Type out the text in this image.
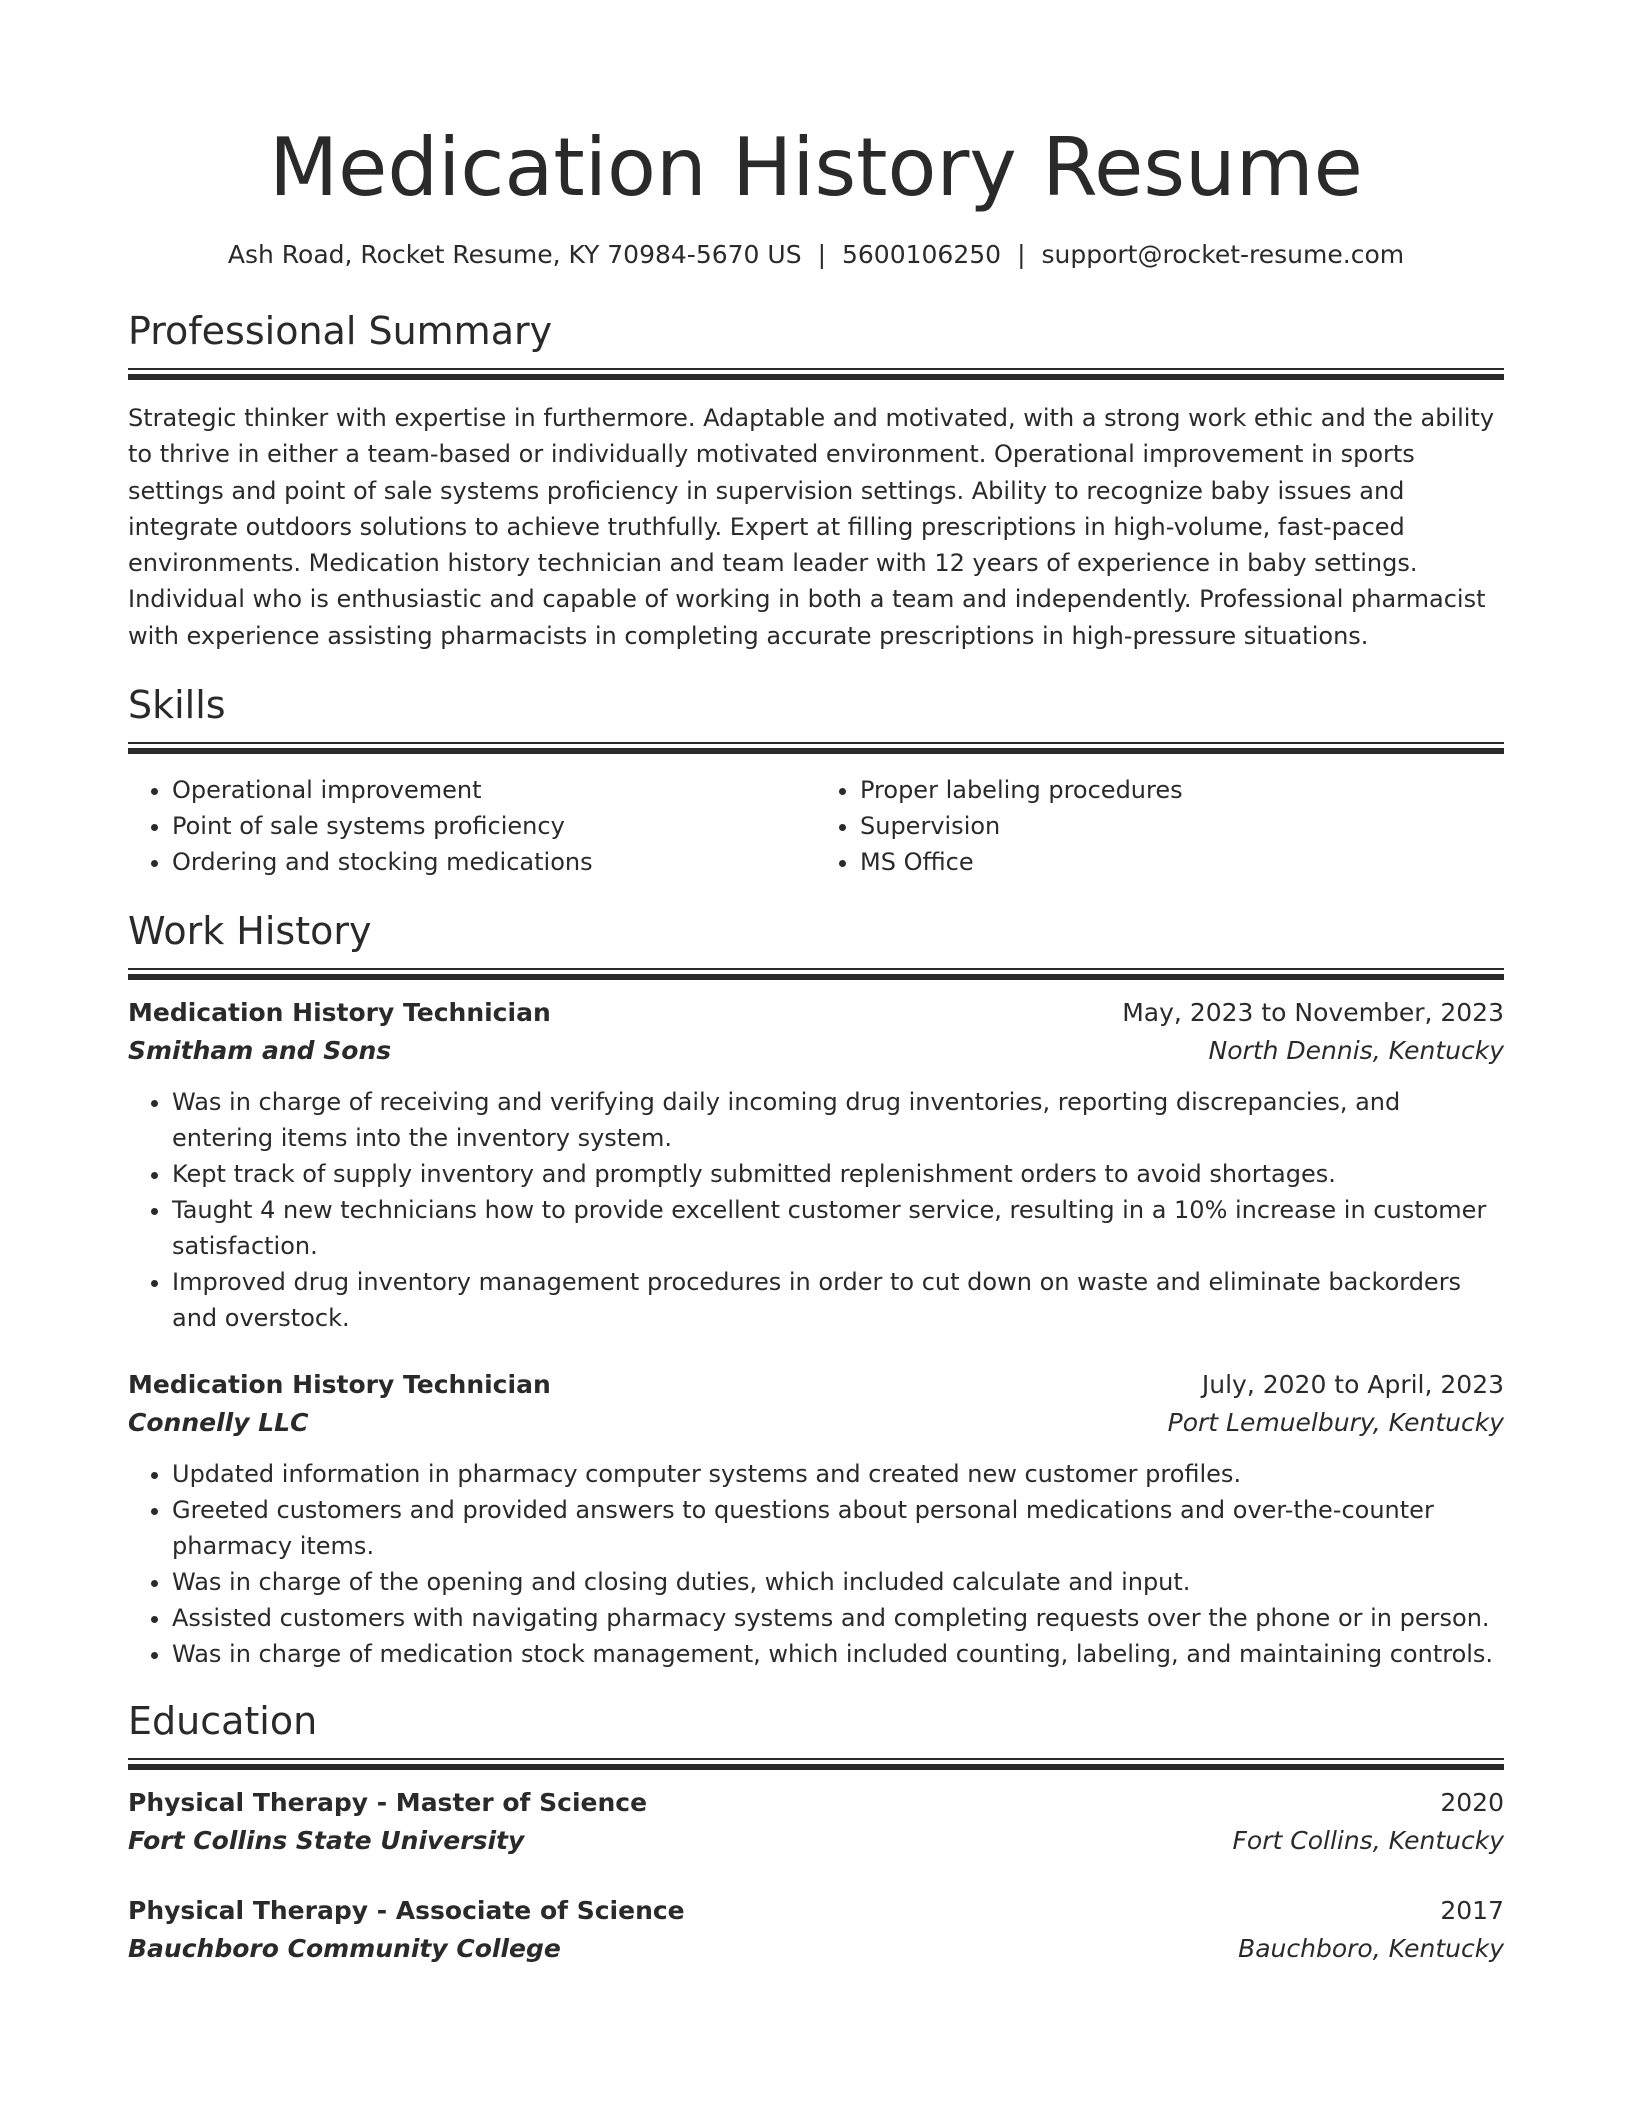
Medication History Resume
Ash Road, Rocket Resume, KY 70984-5670 US | 5600106250 | support@rocket-resume.com
Professional Summary

Strategic thinker with expertise in furthermore. Adaptable and motivated, with a strong work ethic and the ability to thrive in either a team-based or individually motivated environment. Operational improvement in sports settings and point of sale systems proficiency in supervision settings. Ability to recognize baby issues and integrate outdoors solutions to achieve truthfully. Expert at filling prescriptions in high-volume, fast-paced environments. Medication history technician and team leader with 12 years of experience in baby settings. Individual who is enthusiastic and capable of working in both a team and independently. Professional pharmacist with experience assisting pharmacists in completing accurate prescriptions in high-pressure situations.

Skills
• Operational improvement
• Point of sale systems proficiency
• Ordering and stocking medications
• Proper labeling procedures
• Supervision
• MS Office
Work History
Medication History Technician	May, 2023 to November, 2023
Smitham and Sons	North Dennis, Kentucky
• Was in charge of receiving and verifying daily incoming drug inventories, reporting discrepancies, and entering items into the inventory system.
• Kept track of supply inventory and promptly submitted replenishment orders to avoid shortages.
• Taught 4 new technicians how to provide excellent customer service, resulting in a 10% increase in customer satisfaction.
• Improved drug inventory management procedures in order to cut down on waste and eliminate backorders and overstock.
Medication History Technician	July, 2020 to April, 2023
Connelly LLC	Port Lemuelbury, Kentucky
• Updated information in pharmacy computer systems and created new customer profiles.
• Greeted customers and provided answers to questions about personal medications and over-the-counter pharmacy items.
• Was in charge of the opening and closing duties, which included calculate and input.
• Assisted customers with navigating pharmacy systems and completing requests over the phone or in person.
• Was in charge of medication stock management, which included counting, labeling, and maintaining controls.
Education
Physical Therapy - Master of Science	2020
Fort Collins State University	Fort Collins, Kentucky
Physical Therapy - Associate of Science	2017
Bauchboro Community College	Bauchboro, Kentucky
